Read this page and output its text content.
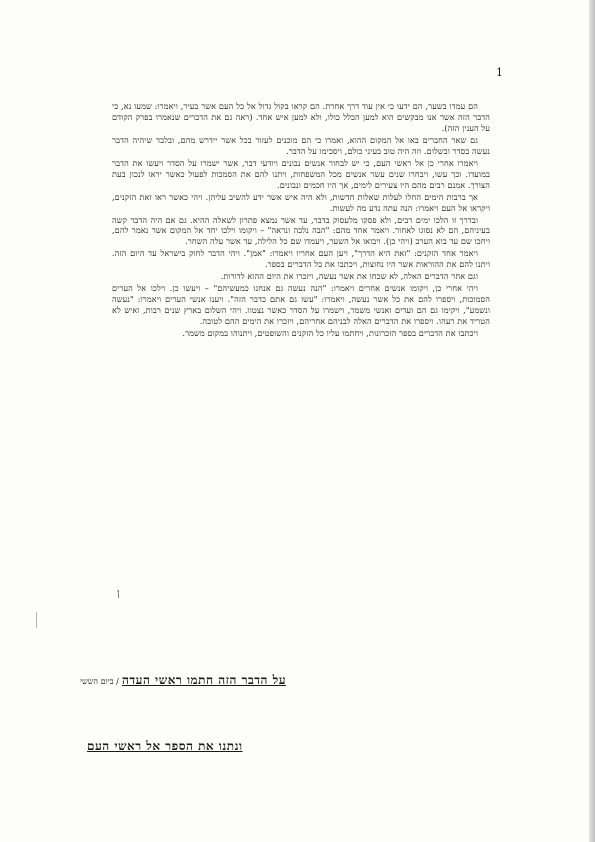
1

הם עמדו בשער, הם ידעו כי אין עוד דרך אחרת. הם קראו בקול גדול אל כל העם אשר בעיר, ויאמרו: שמעו נא, כי הדבר הזה אשר אנו מבקשים הוא למען הכלל כולו, ולא למען איש אחד. (ראה גם את הדברים שנאמרו בפרק הקודם על הענין הזה).

גם שאר החברים באו אל המקום ההוא, ואמרו כי הם מוכנים לעזור בכל אשר יידרש מהם, ובלבד שיהיה הדבר נעשה בסדר ובשלום. וזה היה טוב בעיני כולם, ויסכימו על הדבר.

ויאמרו אחרי כן אל ראשי העם, כי יש לבחור אנשים נבונים ויודעי דבר, אשר ישמרו על הסדר ויעשו את הדבר במועדו. וכך עשו, ויבחרו שנים עשר אנשים מכל המשפחות, ויתנו להם את הסמכות לפעול כאשר יראו לנכון בעת הצורך. אמנם רבים מהם היו צעירים לימים, אך היו חכמים ונבונים.

אך ברבות הימים החלו לעלות שאלות חדשות, ולא היה איש אשר ידע להשיב עליהן. ויהי כאשר ראו זאת הזקנים, ויקראו אל העם ויאמרו: הנה עתה נדע מה לעשות.

ובדרך זו הלכו ימים רבים, ולא פסקו מלעסוק בדבר, עד אשר נמצא פתרון לשאלה ההיא. גם אם היה הדבר קשה בעיניהם, הם לא נסוגו לאחור. ויאמר אחד מהם: "הבה נלכה ונראה" – ויקומו וילכו יחד אל המקום אשר נאמר להם, ויחכו שם עד בוא הערב (ויהי כן). ויבואו אל השער, ויעמדו שם כל הלילה, עד אשר עלה השחר.

ויאמר אחד הזקנים: "זאת היא הדרך", ויען העם אחריו ויאמרו: "אמן". ויהי הדבר לחוק בישראל עד היום הזה. ויתנו להם את ההוראות אשר היו נחוצות, ויכתבו את כל הדברים בספר.

וגם אחר הדברים האלה, לא שכחו את אשר נעשה, ויזכרו את היום ההוא לדורות.

ויהי אחרי כן, ויקומו אנשים אחרים ויאמרו: "הנה נעשה גם אנחנו כמעשיהם" – ויעשו כן. וילכו אל הערים הסמוכות, ויספרו להם את כל אשר נעשה, ויאמרו: "עשו גם אתם כדבר הזה". ויענו אנשי הערים ויאמרו: "נעשה ונשמע", ויקימו גם הם ועדים ואנשי משמר, וישמרו על הסדר כאשר נצטוו. ויהי השלום בארץ שנים רבות, ואיש לא הטריד את רעהו. ויספרו את הדברים האלה לבניהם אחריהם, ויזכרו את הימים ההם לטובה.

ויכתבו את הדברים בספר הזכרונות, ויחתמו עליו כל הזקנים והשופטים, ויתנוהו במקום משמר.

ן
על הדבר הזה חתמו ראשי העדה / ביום הששי
ונתנו את הספר אל ראשי העם
